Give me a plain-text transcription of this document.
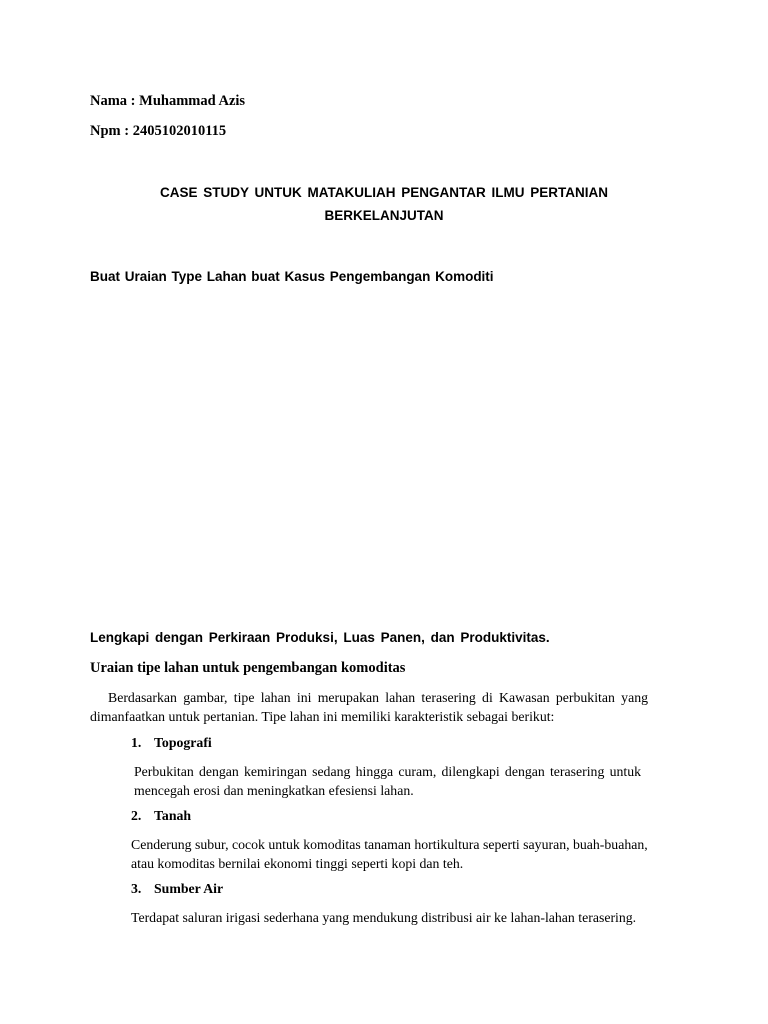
Nama : Muhammad Azis

Npm : 2405102010115

CASE STUDY UNTUK MATAKULIAH PENGANTAR ILMU PERTANIAN BERKELANJUTAN

Buat Uraian Type Lahan buat Kasus Pengembangan Komoditi

Lengkapi dengan Perkiraan Produksi, Luas Panen, dan Produktivitas.

Uraian tipe lahan untuk pengembangan komoditas

Berdasarkan gambar, tipe lahan ini merupakan lahan terasering di Kawasan perbukitan yang dimanfaatkan untuk pertanian. Tipe lahan ini memiliki karakteristik sebagai berikut:

1. Topografi

Perbukitan dengan kemiringan sedang hingga curam, dilengkapi dengan terasering untuk mencegah erosi dan meningkatkan efesiensi lahan.

2. Tanah

Cenderung subur, cocok untuk komoditas tanaman hortikultura seperti sayuran, buah-buahan, atau komoditas bernilai ekonomi tinggi seperti kopi dan teh.

3. Sumber Air

Terdapat saluran irigasi sederhana yang mendukung distribusi air ke lahan-lahan terasering.
